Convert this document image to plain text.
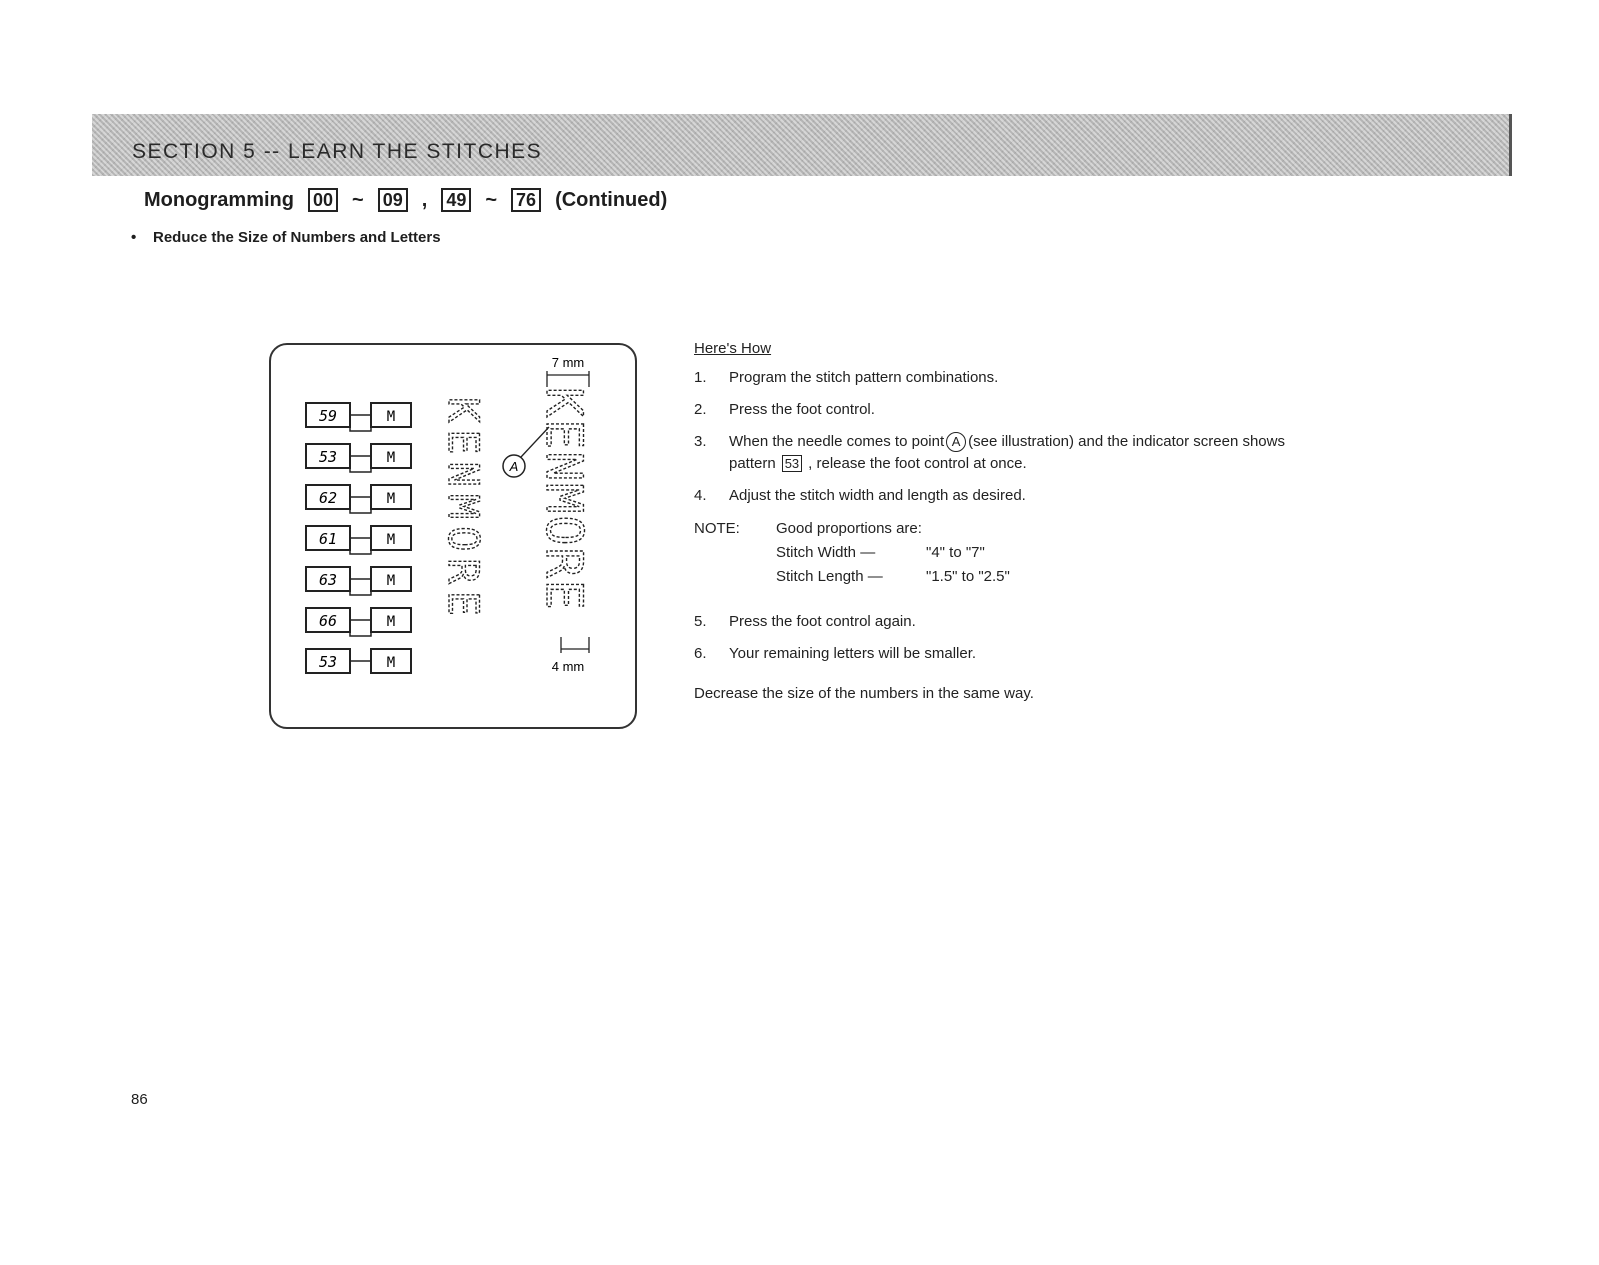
SECTION 5 -- LEARN THE STITCHES
Monogramming 00 ~ 09 , 49 ~ 76 (Continued)
• Reduce the Size of Numbers and Letters
59	M
53	M
62	M
61	M
63	M
66	M
53	M
KENMORE A KENMORE
7 mm
4 mm
Here's How
1.	Program the stitch pattern combinations.
2.	Press the foot control.
3.	When the needle comes to point A (see illustration) and the indicator screen shows pattern 53 , release the foot control at once.
4.	Adjust the stitch width and length as desired.
NOTE:	Good proportions are:
Stitch Width —	"4" to "7"
Stitch Length —	"1.5" to "2.5"
5.	Press the foot control again.
6.	Your remaining letters will be smaller.
Decrease the size of the numbers in the same way.
86
